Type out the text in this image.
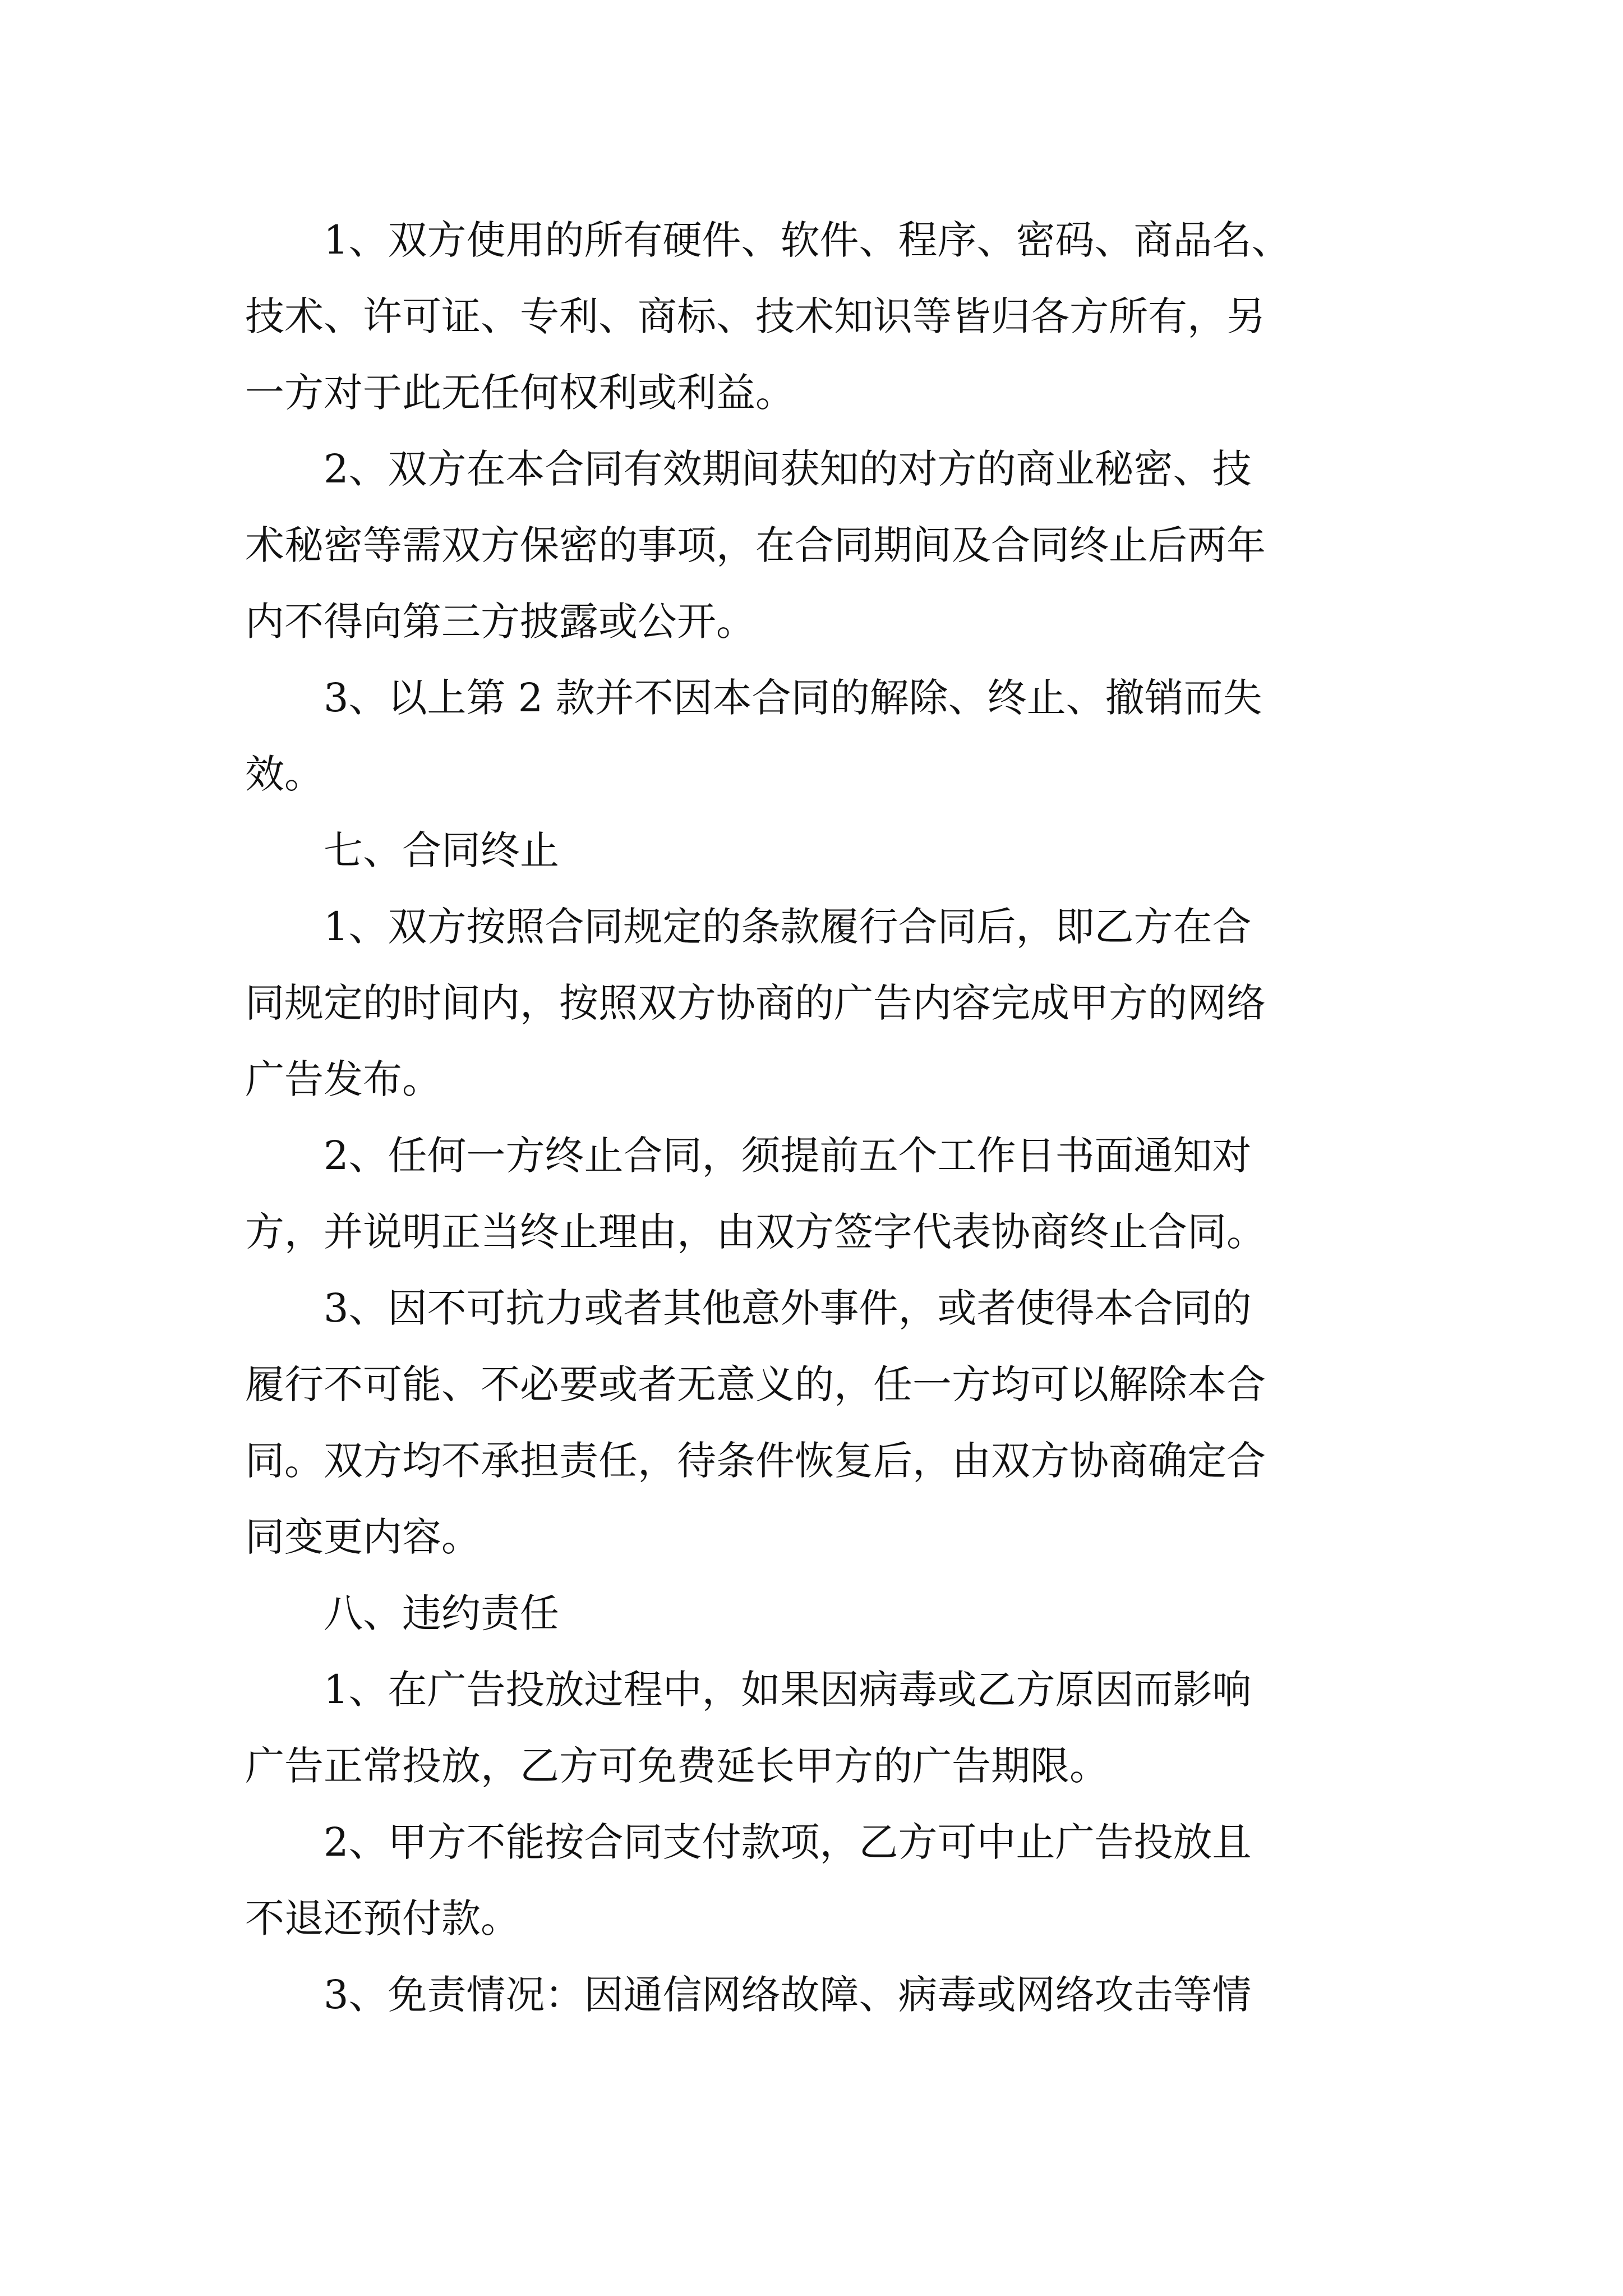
1、双方使用的所有硬件、软件、程序、密码、商品名、
技术、许可证、专利、商标、技术知识等皆归各方所有，另
一方对于此无任何权利或利益。
2、双方在本合同有效期间获知的对方的商业秘密、技
术秘密等需双方保密的事项，在合同期间及合同终止后两年
内不得向第三方披露或公开。
3、以上第 2 款并不因本合同的解除、终止、撤销而失
效。
七、合同终止
1、双方按照合同规定的条款履行合同后，即乙方在合
同规定的时间内，按照双方协商的广告内容完成甲方的网络
广告发布。
2、任何一方终止合同，须提前五个工作日书面通知对
方，并说明正当终止理由，由双方签字代表协商终止合同。
3、因不可抗力或者其他意外事件，或者使得本合同的
履行不可能、不必要或者无意义的，任一方均可以解除本合
同。双方均不承担责任，待条件恢复后，由双方协商确定合
同变更内容。
八、违约责任
1、在广告投放过程中，如果因病毒或乙方原因而影响
广告正常投放，乙方可免费延长甲方的广告期限。
2、甲方不能按合同支付款项，乙方可中止广告投放且
不退还预付款。
3、免责情况：因通信网络故障、病毒或网络攻击等情
